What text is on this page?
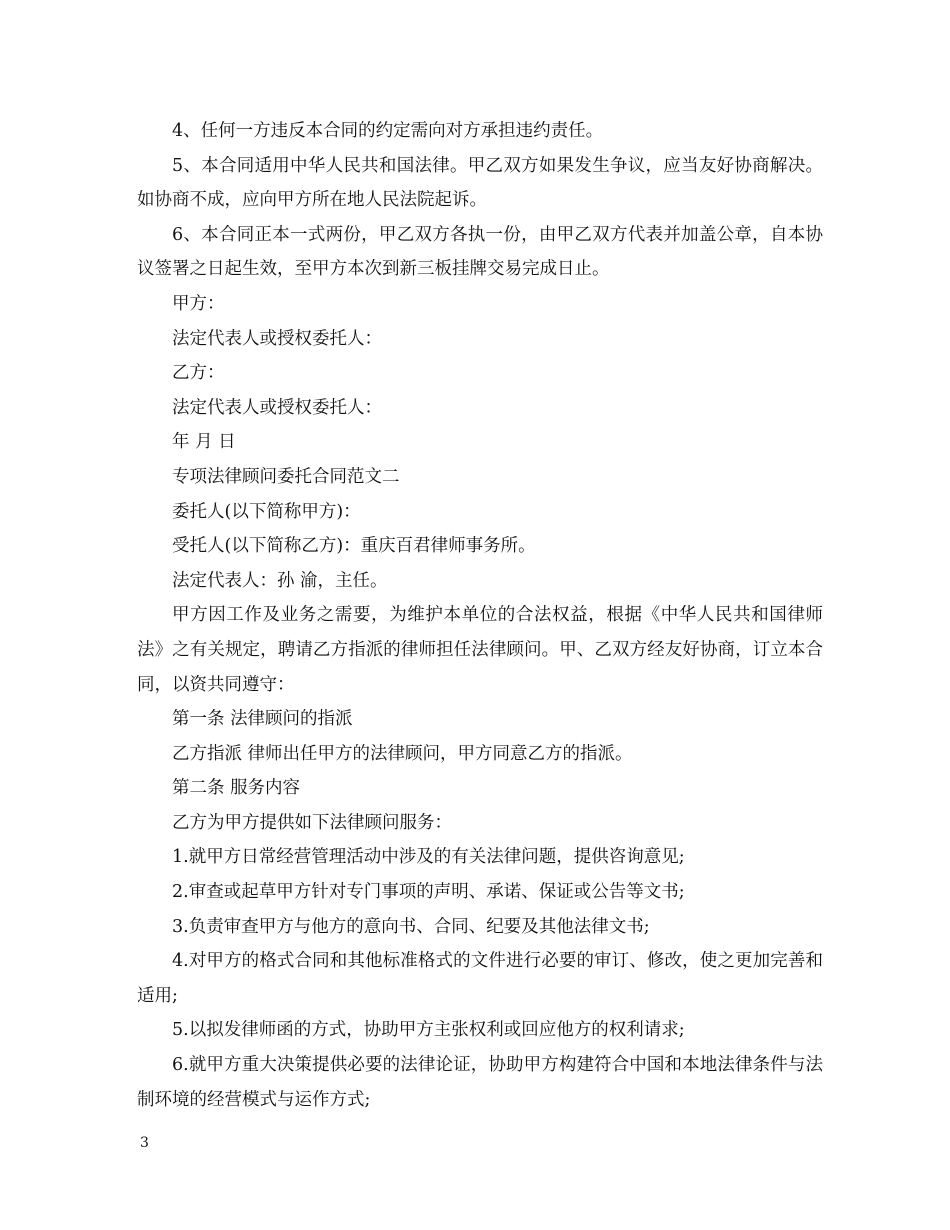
4、任何一方违反本合同的约定需向对方承担违约责任。

5、本合同适用中华人民共和国法律。甲乙双方如果发生争议，应当友好协商解决。如协商不成，应向甲方所在地人民法院起诉。

6、本合同正本一式两份，甲乙双方各执一份，由甲乙双方代表并加盖公章，自本协议签署之日起生效，至甲方本次到新三板挂牌交易完成日止。

甲方：

法定代表人或授权委托人：

乙方：

法定代表人或授权委托人：

年 月 日

专项法律顾问委托合同范文二

委托人(以下简称甲方)：

受托人(以下简称乙方)：重庆百君律师事务所。

法定代表人：孙 渝，主任。

甲方因工作及业务之需要，为维护本单位的合法权益，根据《中华人民共和国律师法》之有关规定，聘请乙方指派的律师担任法律顾问。甲、乙双方经友好协商，订立本合同，以资共同遵守：

第一条 法律顾问的指派

乙方指派 律师出任甲方的法律顾问，甲方同意乙方的指派。

第二条 服务内容

乙方为甲方提供如下法律顾问服务：

1.就甲方日常经营管理活动中涉及的有关法律问题，提供咨询意见;

2.审查或起草甲方针对专门事项的声明、承诺、保证或公告等文书;

3.负责审查甲方与他方的意向书、合同、纪要及其他法律文书;

4.对甲方的格式合同和其他标准格式的文件进行必要的审订、修改，使之更加完善和适用;

5.以拟发律师函的方式，协助甲方主张权利或回应他方的权利请求;

6.就甲方重大决策提供必要的法律论证，协助甲方构建符合中国和本地法律条件与法制环境的经营模式与运作方式;

3
